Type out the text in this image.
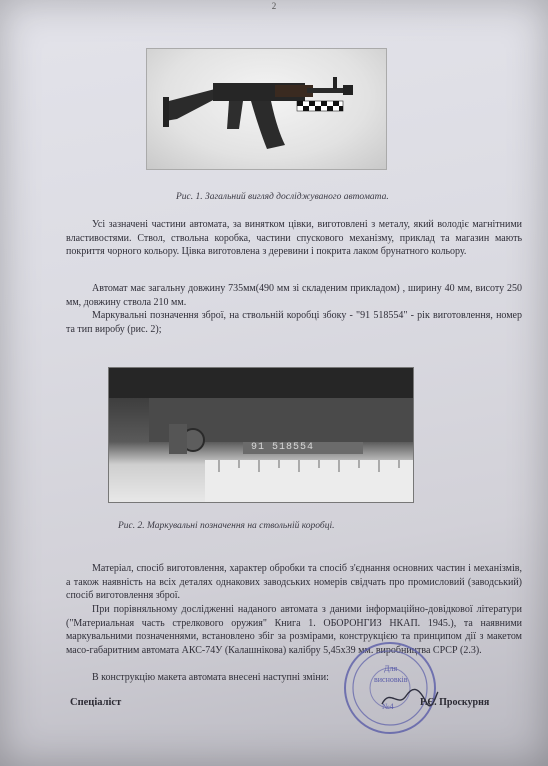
2
Рис. 1. Загальний вигляд досліджуваного автомата.
Усі зазначені частини автомата, за винятком цівки, виготовлені з металу, який володіє магнітними властивостями. Ствол, ствольна коробка, частини спускового механізму, приклад та магазин мають покриття чорного кольору. Цівка виготовлена з деревини і покрита лаком брунатного кольору.
Автомат має загальну довжину 735мм(490 мм зі складеним прикладом) , ширину 40 мм, висоту 250 мм, довжину ствола 210 мм.
Маркувальні позначення зброї, на ствольній коробці збоку - "91 518554" - рік виготовлення, номер та тип виробу (рис. 2);
91 518554
Рис. 2. Маркувальні позначення на ствольній коробці.
Матеріал, спосіб виготовлення, характер обробки та спосіб з'єднання основних частин і механізмів, а також наявність на всіх деталях однакових заводських номерів свідчать про промисловий (заводський) спосіб виготовлення зброї.
При порівняльному дослідженні наданого автомата з даними інформаційно-довідкової літератури ("Материальная часть стрелкового оружия" Книга 1. ОБОРОНГИЗ НКАП. 1945.), та наявними маркувальними позначеннями, встановлено збіг за розмірами, конструкцією та принципом дії з макетом масо-габаритним автомата АКС-74У (Калашнікова) калібру 5,45х39 мм. виробництва СРСР (2.3).
В конструкцію макета автомата внесені наступні зміни:
Для
висновків
№4
Спеціаліст	Р.Є. Проскурня
